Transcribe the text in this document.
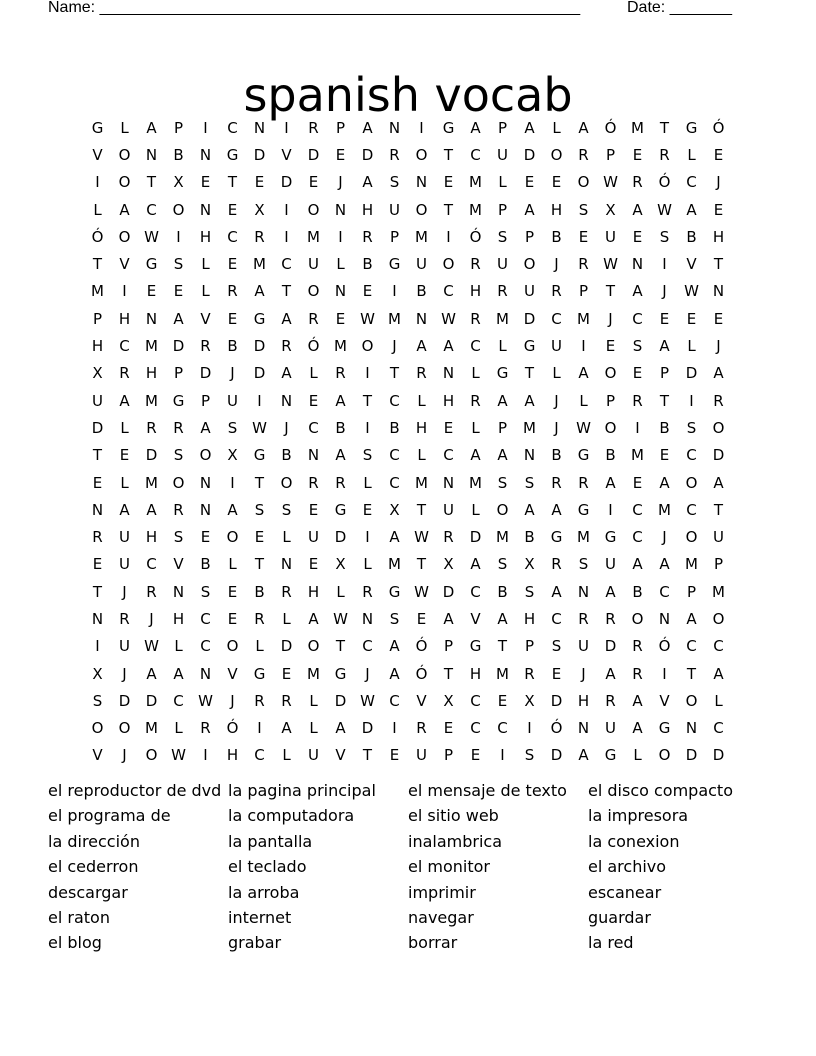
Name: ______________________________________________________	Date: _______
spanish vocab
G	L	A	P	I	C	N	I	R	P	A	N	I	G	A	P	A	L	A	Ó M	T	G	Ó
V	O	N	B	N	G	D	V	D	E	D	R	O	T	C	U	D	O	R	P	E	R	L	E
I	O	T	X	E	T	E	D	E	J	A	S	N	E	M	L	E	E	O W R	Ó	C	J
L	A	C	O	N	E	X	I	O	N	H	U	O	T	M	P	A	H	S	X	A W A	E
Ó	O W	I	H	C	R	I	M	I	R	P	M	I	Ó	S	P	B	E	U	E	S	B	H
T	V	G	S	L	E	M	C	U	L	B	G	U	O	R	U	O	J	R W N	I	V	T
M	I	E	E	L	R	A	T	O	N	E	I	B	C	H	R	U	R	P	T	A	J	W N
P	H	N	A	V	E	G	A	R	E W M N W R	M D	C	M	J	C	E	E	E
H	C	M D	R	B	D	R	Ó M O	J	A	A	C	L	G	U	I	E	S	A	L	J
X	R	H	P	D	J	D	A	L	R	I	T	R	N	L	G	T	L	A	O	E	P	D	A
U	A	M G	P	U	I	N	E	A	T	C	L	H	R	A	A	J	L	P	R	T	I	R
D	L	R	R	A	S W	J	C	B	I	B	H	E	L	P	M	J	W O	I	B	S	O
T	E	D	S	O	X	G	B	N	A	S	C	L	C	A	A	N	B	G	B	M	E	C	D
E	L	M O	N	I	T	O	R	R	L	C	M N M	S	S	R	R	A	E	A	O	A
N	A	A	R	N	A	S	S	E	G	E	X	T	U	L	O	A	A	G	I	C	M	C	T
R	U	H	S	E	O	E	L	U	D	I	A W R	D M	B	G M G	C	J	O	U
E	U	C	V	B	L	T	N	E	X	L	M	T	X	A	S	X	R	S	U	A	A	M	P
T	J	R	N	S	E	B	R	H	L	R	G W D	C	B	S	A	N	A	B	C	P	M
N	R	J	H	C	E	R	L	A W N	S	E	A	V	A	H	C	R	R	O	N	A	O
I	U W	L	C	O	L	D	O	T	C	A	Ó	P	G	T	P	S	U	D	R	Ó	C	C
X	J	A	A	N	V	G	E	M G	J	A	Ó	T	H M	R	E	J	A	R	I	T	A
S	D	D	C W	J	R	R	L	D W C	V	X	C	E	X	D	H	R	A	V	O	L
O	O M	L	R	Ó	I	A	L	A	D	I	R	E	C	C	I	Ó	N	U	A	G	N	C
V	J	O W	I	H	C	L	U	V	T	E	U	P	E	I	S	D	A	G	L	O	D	D
el reproductor de dvd
el programa de
la dirección
el cederron
descargar
el raton
el blog
la pagina principal
la computadora
la pantalla
el teclado
la arroba
internet
grabar
el mensaje de texto
el sitio web
inalambrica
el monitor
imprimir
navegar
borrar
el disco compacto
la impresora
la conexion
el archivo
escanear
guardar
la red
